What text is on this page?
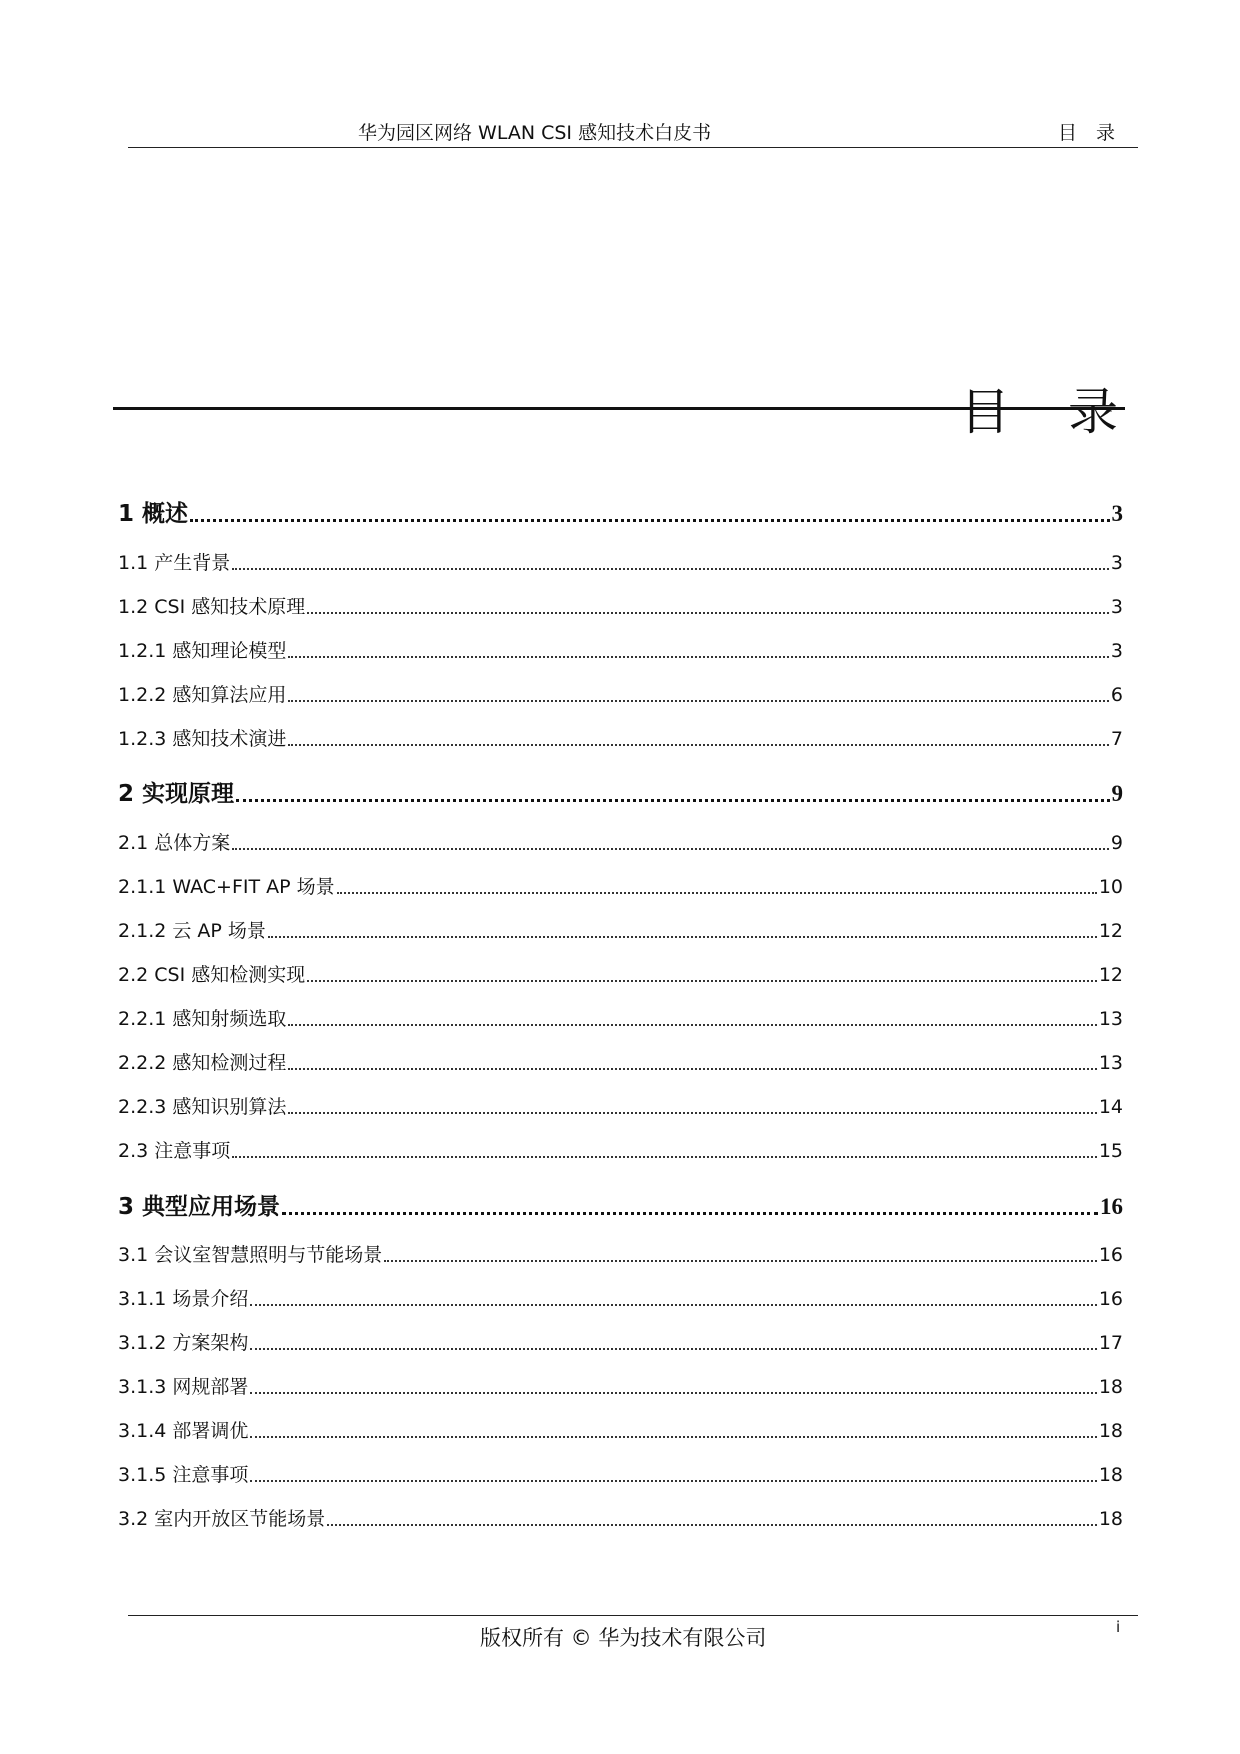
华为园区网络 WLAN CSI 感知技术白皮书	目　录
目　录
1 概述	3
1.1 产生背景	3
1.2 CSI 感知技术原理	3
1.2.1 感知理论模型	3
1.2.2 感知算法应用	6
1.2.3 感知技术演进	7
2 实现原理	9
2.1 总体方案	9
2.1.1 WAC+FIT AP 场景	10
2.1.2 云 AP 场景	12
2.2 CSI 感知检测实现	12
2.2.1 感知射频选取	13
2.2.2 感知检测过程	13
2.2.3 感知识别算法	14
2.3 注意事项	15
3 典型应用场景	16
3.1 会议室智慧照明与节能场景	16
3.1.1 场景介绍	16
3.1.2 方案架构	17
3.1.3 网规部署	18
3.1.4 部署调优	18
3.1.5 注意事项	18
3.2 室内开放区节能场景	18
版权所有 © 华为技术有限公司	i
